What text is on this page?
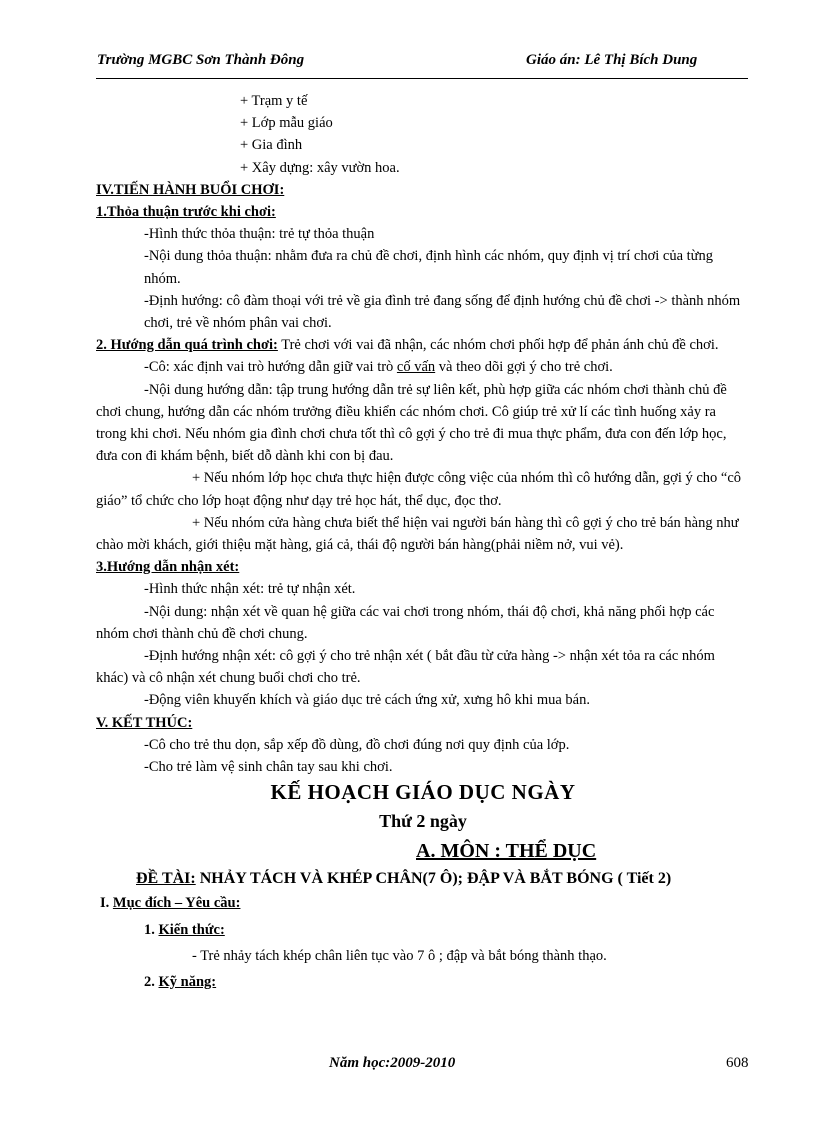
Trường MGBC Sơn Thành Đông	Giáo án: Lê Thị Bích Dung

+ Trạm y tế

+ Lớp mẫu giáo

+ Gia đình

+ Xây dựng: xây vườn hoa.

IV.TIẾN HÀNH BUỔI CHƠI:

1.Thỏa thuận trước khi chơi:

-Hình thức thỏa thuận: trẻ tự thỏa thuận

-Nội dung thỏa thuận: nhằm đưa ra chủ đề chơi, định hình các nhóm, quy định vị trí chơi của từng nhóm.

-Định hướng: cô đàm thoại với trẻ về gia đình trẻ đang sống để định hướng chủ đề chơi -> thành nhóm chơi, trẻ về nhóm phân vai chơi.

2. Hướng dẫn quá trình chơi: Trẻ chơi với vai đã nhận, các nhóm chơi phối hợp để phản ánh chủ đề chơi.

-Cô: xác định vai trò hướng dẫn giữ vai trò cố vấn và theo dõi gợi ý cho trẻ chơi.

-Nội dung hướng dẫn: tập trung hướng dẫn trẻ sự liên kết, phù hợp giữa các nhóm chơi thành chủ đề chơi chung, hướng dẫn các nhóm trưởng điều khiển các nhóm chơi. Cô giúp trẻ xử lí các tình huống xảy ra trong khi chơi. Nếu nhóm gia đình chơi chưa tốt thì cô gợi ý cho trẻ đi mua thực phẩm, đưa con đến lớp học, đưa con đi khám bệnh, biết dỗ dành khi con bị đau.

+ Nếu nhóm lớp học chưa thực hiện được công việc của nhóm thì cô hướng dẫn, gợi ý cho “cô giáo” tổ chức cho lớp hoạt động như dạy trẻ học hát, thể dục, đọc thơ.

+ Nếu nhóm cửa hàng chưa biết thể hiện vai người bán hàng thì cô gợi ý cho trẻ bán hàng như chào mời khách, giới thiệu mặt hàng, giá cả, thái độ người bán hàng(phải niềm nở, vui vẻ).

3.Hướng dẫn nhận xét:

-Hình thức nhận xét: trẻ tự nhận xét.

-Nội dung: nhận xét về quan hệ giữa các vai chơi trong nhóm, thái độ chơi, khả năng phối hợp các nhóm chơi thành chủ đề chơi chung.

-Định hướng nhận xét: cô gợi ý cho trẻ nhận xét ( bắt đầu từ cửa hàng -> nhận xét tỏa ra các nhóm khác) và cô nhận xét chung buổi chơi cho trẻ.

-Động viên khuyến khích và giáo dục trẻ cách ứng xử, xưng hô khi mua bán.

V. KẾT THÚC:

-Cô cho trẻ thu dọn, sắp xếp đồ dùng, đồ chơi đúng nơi quy định của lớp.

-Cho trẻ làm vệ sinh chân tay sau khi chơi.

KẾ HOẠCH GIÁO DỤC NGÀY

Thứ 2 ngày

A. MÔN : THỂ DỤC

ĐỀ TÀI: NHẢY TÁCH VÀ KHÉP CHÂN(7 Ô); ĐẬP VÀ BẮT BÓNG ( Tiết 2)

I. Mục đích – Yêu cầu:

1. Kiến thức:

- Trẻ nhảy tách khép chân liên tục vào 7 ô ; đập và bắt bóng thành thạo.

2. Kỹ năng:

Năm học:2009-2010	608
